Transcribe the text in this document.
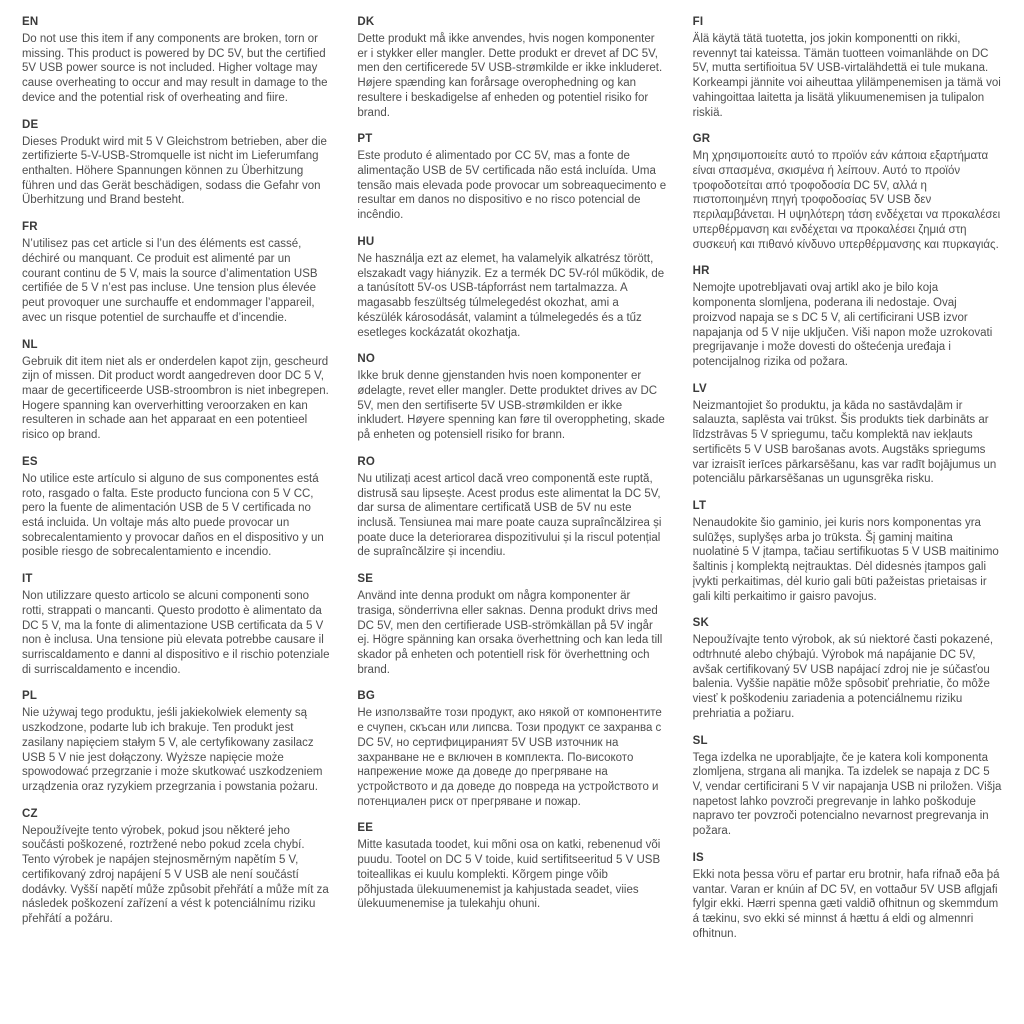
EN

Do not use this item if any components are broken, torn or missing. This product is powered by DC 5V, but the certified 5V USB power source is not included. Higher voltage may cause overheating to occur and may result in damage to the device and the potential risk of overheating and fiire.

DE

Dieses Produkt wird mit 5 V Gleichstrom betrieben, aber die zertifizierte 5-V-USB-Stromquelle ist nicht im Lieferumfang enthalten. Höhere Spannungen können zu Überhitzung führen und das Gerät beschädigen, sodass die Gefahr von Überhitzung und Brand besteht.

FR

N’utilisez pas cet article si l’un des éléments est cassé, déchiré ou manquant. Ce produit est alimenté par un courant continu de 5 V, mais la source d’alimentation USB certifiée de 5 V n’est pas incluse. Une tension plus élevée peut provoquer une surchauffe et endommager l’appareil, avec un risque potentiel de surchauffe et d’incendie.

NL

Gebruik dit item niet als er onderdelen kapot zijn, gescheurd zijn of missen. Dit product wordt aangedreven door DC 5 V, maar de gecertificeerde USB-stroombron is niet inbegrepen. Hogere spanning kan oververhitting veroorzaken en kan resulteren in schade aan het apparaat en een potentieel risico op brand.

ES

No utilice este artículo si alguno de sus componentes está roto, rasgado o falta. Este producto funciona con 5 V CC, pero la fuente de alimentación USB de 5 V certificada no está incluida. Un voltaje más alto puede provocar un sobrecalentamiento y provocar daños en el dispositivo y un posible riesgo de sobrecalentamiento e incendio.

IT

Non utilizzare questo articolo se alcuni componenti sono rotti, strappati o mancanti. Questo prodotto è alimentato da DC 5 V, ma la fonte di alimentazione USB certificata da 5 V non è inclusa. Una tensione più elevata potrebbe causare il surriscaldamento e danni al dispositivo e il rischio potenziale di surriscaldamento e incendio.

PL

Nie używaj tego produktu, jeśli jakiekolwiek elementy są uszkodzone, podarte lub ich brakuje. Ten produkt jest zasilany napięciem stałym 5 V, ale certyfikowany zasilacz USB 5 V nie jest dołączony. Wyższe napięcie może spowodować przegrzanie i może skutkować uszkodzeniem urządzenia oraz ryzykiem przegrzania i powstania pożaru.

CZ

Nepoužívejte tento výrobek, pokud jsou některé jeho součásti poškozené, roztržené nebo pokud zcela chybí. Tento výrobek je napájen stejnosměrným napětím 5 V, certifikovaný zdroj napájení 5 V USB ale není součástí dodávky. Vyšší napětí může způsobit přehřátí a může mít za následek poškození zařízení a vést k potenciálnímu riziku přehřátí a požáru.

DK

Dette produkt må ikke anvendes, hvis nogen komponenter er i stykker eller mangler. Dette produkt er drevet af DC 5V, men den certificerede 5V USB-strømkilde er ikke inkluderet. Højere spænding kan forårsage overophedning og kan resultere i beskadigelse af enheden og potentiel risiko for brand.

PT

Este produto é alimentado por CC 5V, mas a fonte de alimentação USB de 5V certificada não está incluída. Uma tensão mais elevada pode provocar um sobreaquecimento e resultar em danos no dispositivo e no risco potencial de incêndio.

HU

Ne használja ezt az elemet, ha valamelyik alkatrész törött, elszakadt vagy hiányzik. Ez a termék DC 5V-ról működik, de a tanúsított 5V-os USB-tápforrást nem tartalmazza. A magasabb feszültség túlmelegedést okozhat, ami a készülék károsodását, valamint a túlmelegedés és a tűz esetleges kockázatát okozhatja.

NO

Ikke bruk denne gjenstanden hvis noen komponenter er ødelagte, revet eller mangler. Dette produktet drives av DC 5V, men den sertifiserte 5V USB-strømkilden er ikke inkludert. Høyere spenning kan føre til overoppheting, skade på enheten og potensiell risiko for brann.

RO

Nu utilizați acest articol dacă vreo componentă este ruptă, distrusă sau lipsește. Acest produs este alimentat la DC 5V, dar sursa de alimentare certificată USB de 5V nu este inclusă. Tensiunea mai mare poate cauza supraîncălzirea și poate duce la deteriorarea dispozitivului și la riscul potențial de supraîncălzire și incendiu.

SE

Använd inte denna produkt om några komponenter är trasiga, sönderrivna eller saknas. Denna produkt drivs med DC 5V, men den certifierade USB-strömkällan på 5V ingår ej. Högre spänning kan orsaka överhettning och kan leda till skador på enheten och potentiell risk för överhettning och brand.

BG

Не използвайте този продукт, ако някой от компонентите е счупен, скъсан или липсва. Този продукт се захранва с DC 5V, но сертифицираният 5V USB източник на захранване не е включен в комплекта. По-високото напрежение може да доведе до прегряване на устройството и да доведе до повреда на устройството и потенциален риск от прегряване и пожар.

EE

Mitte kasutada toodet, kui mõni osa on katki, rebenenud või puudu. Tootel on DC 5 V toide, kuid sertifitseeritud 5 V USB toiteallikas ei kuulu komplekti. Kõrgem pinge võib põhjustada ülekuumenemist ja kahjustada seadet, viies ülekuumenemise ja tulekahju ohuni.

FI

Älä käytä tätä tuotetta, jos jokin komponentti on rikki, revennyt tai kateissa. Tämän tuotteen voimanlähde on DC 5V, mutta sertifioitua 5V USB-virtalähdettä ei tule mukana. Korkeampi jännite voi aiheuttaa ylilämpenemisen ja tämä voi vahingoittaa laitetta ja lisätä ylikuumenemisen ja tulipalon riskiä.

GR

Μη χρησιμοποιείτε αυτό το προϊόν εάν κάποια εξαρτήματα είναι σπασμένα, σκισμένα ή λείπουν. Αυτό το προϊόν τροφοδοτείται από τροφοδοσία DC 5V, αλλά η πιστοποιημένη πηγή τροφοδοσίας 5V USB δεν περιλαμβάνεται. Η υψηλότερη τάση ενδέχεται να προκαλέσει υπερθέρμανση και ενδέχεται να προκαλέσει ζημιά στη συσκευή και πιθανό κίνδυνο υπερθέρμανσης και πυρκαγιάς.

HR

Nemojte upotrebljavati ovaj artikl ako je bilo koja komponenta slomljena, poderana ili nedostaje. Ovaj proizvod napaja se s DC 5 V, ali certificirani USB izvor napajanja od 5 V nije uključen. Viši napon može uzrokovati pregrijavanje i može dovesti do oštećenja uređaja i potencijalnog rizika od požara.

LV

Neizmantojiet šo produktu, ja kāda no sastāvdaļām ir salauzta, saplēsta vai trūkst. Šis produkts tiek darbināts ar līdzstrāvas 5 V spriegumu, taču komplektā nav iekļauts sertificēts 5 V USB barošanas avots. Augstāks spriegums var izraisīt ierīces pārkarsēšanu, kas var radīt bojājumus un potenciālu pārkarsēšanas un ugunsgrēka risku.

LT

Nenaudokite šio gaminio, jei kuris nors komponentas yra sulūžęs, suplyšęs arba jo trūksta. Šį gaminį maitina nuolatinė 5 V įtampa, tačiau sertifikuotas 5 V USB maitinimo šaltinis į komplektą neįtrauktas. Dėl didesnės įtampos gali įvykti perkaitimas, dėl kurio gali būti pažeistas prietaisas ir gali kilti perkaitimo ir gaisro pavojus.

SK

Nepoužívajte tento výrobok, ak sú niektoré časti pokazené, odtrhnuté alebo chýbajú. Výrobok má napájanie DC 5V, avšak certifikovaný 5V USB napájací zdroj nie je súčasťou balenia. Vyššie napätie môže spôsobiť prehriatie, čo môže viesť k poškodeniu zariadenia a potenciálnemu riziku prehriatia a požiaru.

SL

Tega izdelka ne uporabljajte, če je katera koli komponenta zlomljena, strgana ali manjka. Ta izdelek se napaja z DC 5 V, vendar certificirani 5 V vir napajanja USB ni priložen. Višja napetost lahko povzroči pregrevanje in lahko poškoduje napravo ter povzroči potencialno nevarnost pregrevanja in požara.

IS

Ekki nota þessa vöru ef partar eru brotnir, hafa rifnað eða þá vantar. Varan er knúin af DC 5V, en vottaður 5V USB aflgjafi fylgir ekki. Hærri spenna gæti valdið ofhitnun og skemmdum á tækinu, svo ekki sé minnst á hættu á eldi og almennri ofhitnun.
